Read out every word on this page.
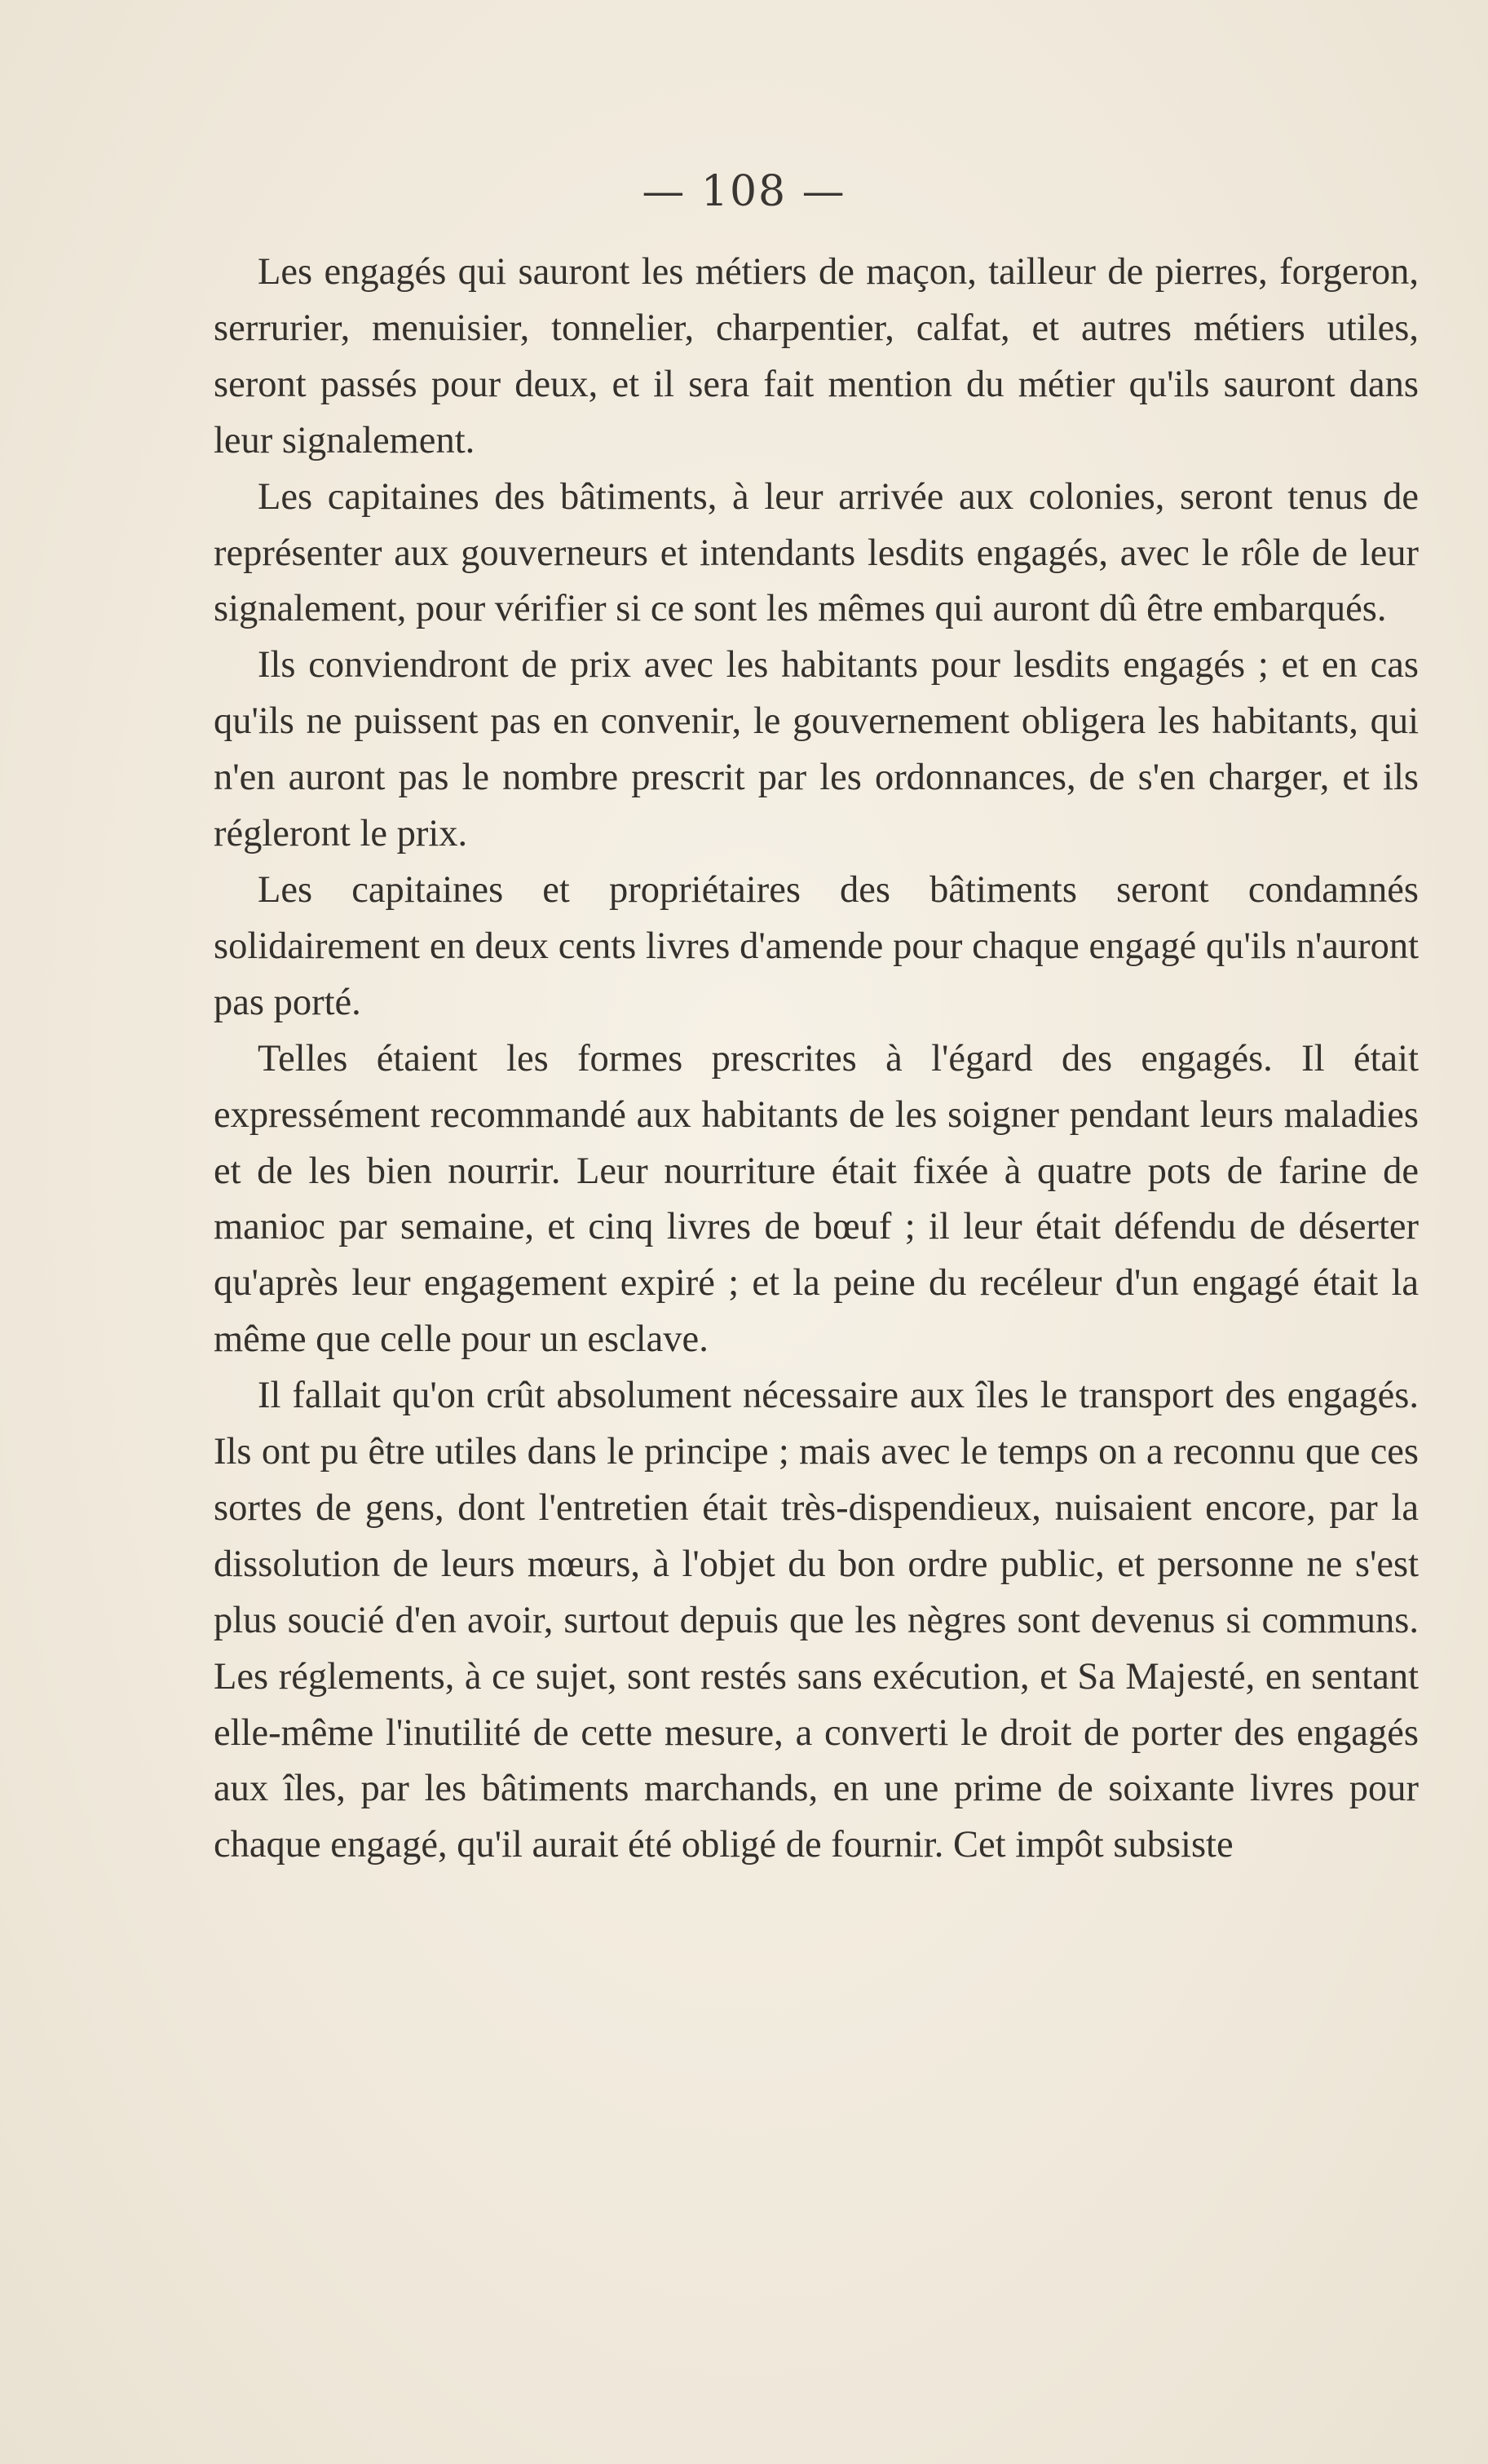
— 108 —

Les engagés qui sauront les métiers de maçon, tailleur de pierres, forgeron, serrurier, menuisier, tonnelier, charpentier, calfat, et autres métiers utiles, seront passés pour deux, et il sera fait mention du métier qu'ils sauront dans leur signalement.

Les capitaines des bâtiments, à leur arrivée aux colonies, seront tenus de représenter aux gouverneurs et intendants lesdits engagés, avec le rôle de leur signalement, pour vérifier si ce sont les mêmes qui auront dû être embarqués.

Ils conviendront de prix avec les habitants pour lesdits engagés ; et en cas qu'ils ne puissent pas en convenir, le gouvernement obligera les habitants, qui n'en auront pas le nombre prescrit par les ordonnances, de s'en charger, et ils régleront le prix.

Les capitaines et propriétaires des bâtiments seront condamnés solidairement en deux cents livres d'amende pour chaque engagé qu'ils n'auront pas porté.

Telles étaient les formes prescrites à l'égard des engagés. Il était expressément recommandé aux habitants de les soigner pendant leurs maladies et de les bien nourrir. Leur nourriture était fixée à quatre pots de farine de manioc par semaine, et cinq livres de bœuf ; il leur était défendu de déserter qu'après leur engagement expiré ; et la peine du recéleur d'un engagé était la même que celle pour un esclave.

Il fallait qu'on crût absolument nécessaire aux îles le transport des engagés. Ils ont pu être utiles dans le principe ; mais avec le temps on a reconnu que ces sortes de gens, dont l'entretien était très-dispendieux, nuisaient encore, par la dissolution de leurs mœurs, à l'objet du bon ordre public, et personne ne s'est plus soucié d'en avoir, surtout depuis que les nègres sont devenus si communs. Les réglements, à ce sujet, sont restés sans exécution, et Sa Majesté, en sentant elle-même l'inutilité de cette mesure, a converti le droit de porter des engagés aux îles, par les bâtiments marchands, en une prime de soixante livres pour chaque engagé, qu'il aurait été obligé de fournir. Cet impôt subsiste
